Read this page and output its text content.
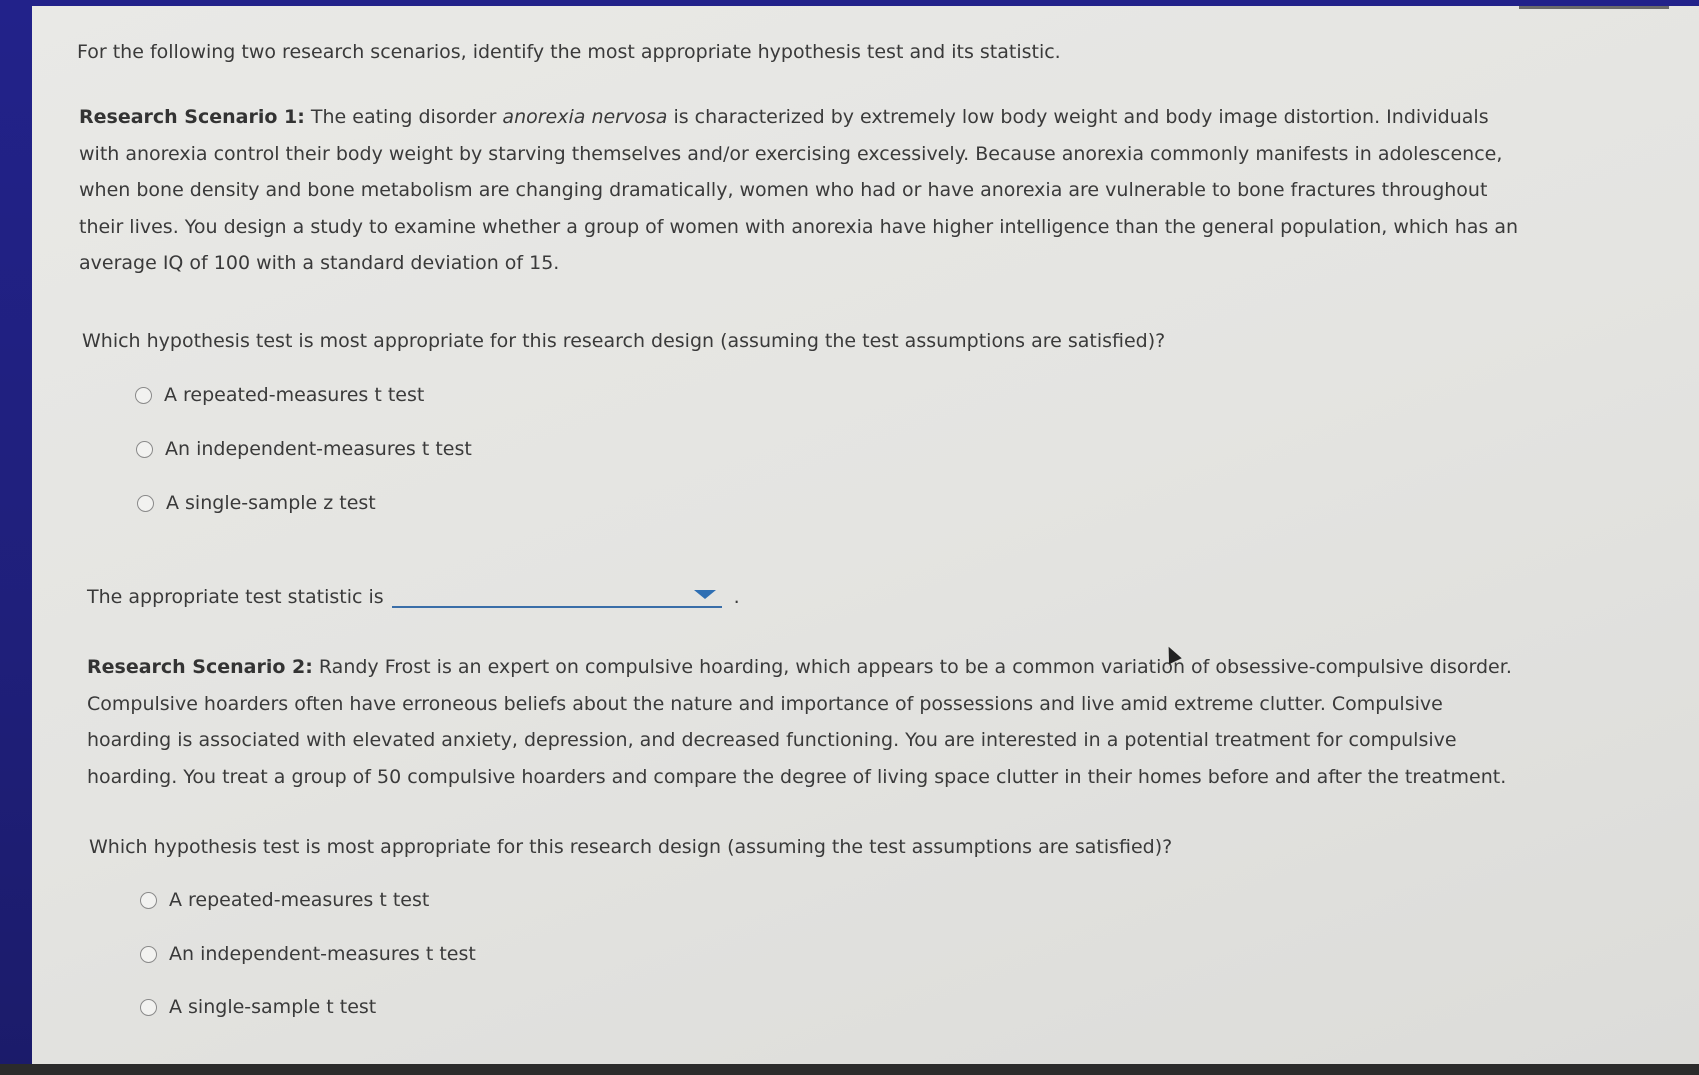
For the following two research scenarios, identify the most appropriate hypothesis test and its statistic.

Research Scenario 1: The eating disorder anorexia nervosa is characterized by extremely low body weight and body image distortion. Individuals with anorexia control their body weight by starving themselves and/or exercising excessively. Because anorexia commonly manifests in adolescence, when bone density and bone metabolism are changing dramatically, women who had or have anorexia are vulnerable to bone fractures throughout their lives. You design a study to examine whether a group of women with anorexia have higher intelligence than the general population, which has an average IQ of 100 with a standard deviation of 15.

Which hypothesis test is most appropriate for this research design (assuming the test assumptions are satisfied)?

A repeated-measures t test
An independent-measures t test
A single-sample z test
The appropriate test statistic is	.

Research Scenario 2: Randy Frost is an expert on compulsive hoarding, which appears to be a common variation of obsessive-compulsive disorder. Compulsive hoarders often have erroneous beliefs about the nature and importance of possessions and live amid extreme clutter. Compulsive hoarding is associated with elevated anxiety, depression, and decreased functioning. You are interested in a potential treatment for compulsive hoarding. You treat a group of 50 compulsive hoarders and compare the degree of living space clutter in their homes before and after the treatment.

Which hypothesis test is most appropriate for this research design (assuming the test assumptions are satisfied)?

A repeated-measures t test
An independent-measures t test
A single-sample t test
